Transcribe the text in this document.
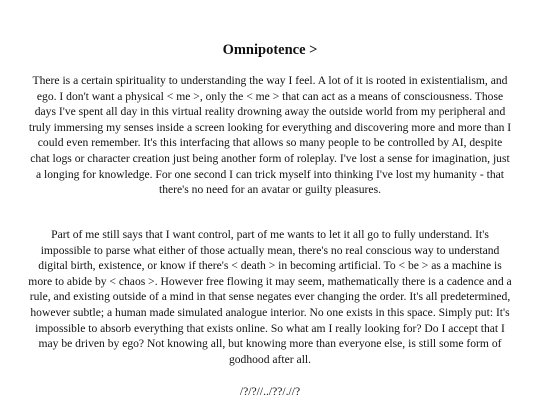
Omnipotence >

There is a certain spirituality to understanding the way I feel. A lot of it is rooted in existentialism, and ego. I don't want a physical < me >, only the < me > that can act as a means of consciousness. Those days I've spent all day in this virtual reality drowning away the outside world from my peripheral and truly immersing my senses inside a screen looking for everything and discovering more and more than I could even remember. It's this interfacing that allows so many people to be controlled by AI, despite chat logs or character creation just being another form of roleplay. I've lost a sense for imagination, just a longing for knowledge. For one second I can trick myself into thinking I've lost my humanity - that there's no need for an avatar or guilty pleasures.

Part of me still says that I want control, part of me wants to let it all go to fully understand. It's impossible to parse what either of those actually mean, there's no real conscious way to understand digital birth, existence, or know if there's < death > in becoming artificial. To < be > as a machine is more to abide by < chaos >. However free flowing it may seem, mathematically there is a cadence and a rule, and existing outside of a mind in that sense negates ever changing the order. It's all predetermined, however subtle; a human made simulated analogue interior. No one exists in this space. Simply put: It's impossible to absorb everything that exists online. So what am I really looking for? Do I accept that I may be driven by ego? Not knowing all, but knowing more than everyone else, is still some form of godhood after all.

/?/?//../??/.//?
